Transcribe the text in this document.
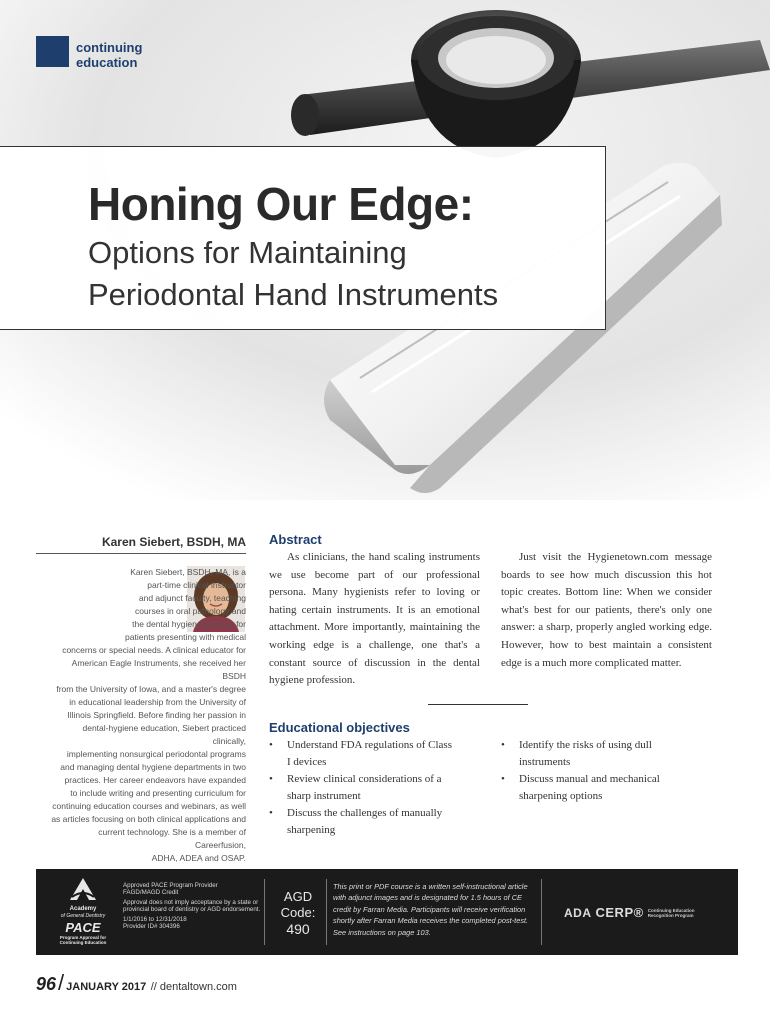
continuing
education
Honing Our Edge:
Options for Maintaining
Periodontal Hand Instruments
Karen Siebert, BSDH, MA
Karen Siebert, BSDH, MA, is a
part-time clinical instructor
and adjunct faculty, teaching
courses in oral pathology and
the dental hygiene process for
patients presenting with medical
concerns or special needs. A clinical educator for
American Eagle Instruments, she received her BSDH
from the University of Iowa, and a master's degree
in educational leadership from the University of
Illinois Springfield. Before finding her passion in
dental-hygiene education, Siebert practiced clinically,
implementing nonsurgical periodontal programs
and managing dental hygiene departments in two
practices. Her career endeavors have expanded
to include writing and presenting curriculum for
continuing education courses and webinars, as well
as articles focusing on both clinical applications and
current technology. She is a member of Careerfusion,
ADHA, ADEA and OSAP.
Abstract

As clinicians, the hand scaling instruments we use become part of our professional persona. Many hygienists refer to loving or hating certain instruments. It is an emotional attachment. More importantly, maintaining the working edge is a challenge, one that's a constant source of discussion in the dental hygiene profession.

Just visit the Hygienetown.com message boards to see how much discussion this hot topic creates. Bottom line: When we consider what's best for our patients, there's only one answer: a sharp, properly angled working edge. However, how to best maintain a consistent edge is a much more complicated matter.

Educational objectives
• Understand FDA regulations of Class I devices
• Review clinical considerations of a sharp instrument
• Discuss the challenges of manually sharpening
• Identify the risks of using dull instruments
• Discuss manual and mechanical sharpening options
Academy
of General Dentistry
PACE
Program Approval for
Continuing Education
Approved PACE Program Provider
FAGD/MAGD Credit
Approval does not imply acceptance by a state or provincial board of dentistry or AGD endorsement.
1/1/2016 to 12/31/2018
Provider ID# 304396
AGD
Code:
490
This print or PDF course is a written self-instructional article with adjunct images and is designated for 1.5 hours of CE credit by Farran Media. Participants will receive verification shortly after Farran Media receives the completed post-test. See instructions on page 103.
ADA CERP® Continuing Education
Recognition Program
96/ JANUARY 2017 // dentaltown.com
